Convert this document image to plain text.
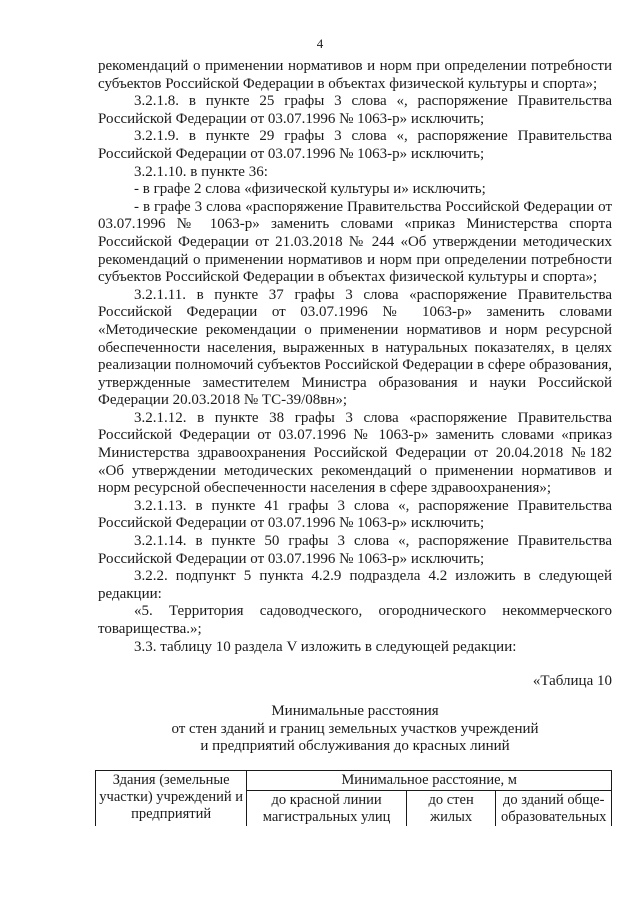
4

рекомендаций о применении нормативов и норм при определении потребности субъектов Российской Федерации в объектах физической культуры и спорта»;

3.2.1.8. в пункте 25 графы 3 слова «, распоряжение Правительства Российской Федерации от 03.07.1996 № 1063-р» исключить;

3.2.1.9. в пункте 29 графы 3 слова «, распоряжение Правительства Российской Федерации от 03.07.1996 № 1063-р» исключить;

3.2.1.10. в пункте 36:

- в графе 2 слова «физической культуры и» исключить;

- в графе 3 слова «распоряжение Правительства Российской Федерации от 03.07.1996 № 1063-р» заменить словами «приказ Министерства спорта Российской Федерации от 21.03.2018 № 244 «Об утверждении методических рекомендаций о применении нормативов и норм при определении потребности субъектов Российской Федерации в объектах физической культуры и спорта»;

3.2.1.11. в пункте 37 графы 3 слова «распоряжение Правительства Российской Федерации от 03.07.1996 № 1063-р» заменить словами «Методические рекомендации о применении нормативов и норм ресурсной обеспеченности населения, выраженных в натуральных показателях, в целях реализации полномочий субъектов Российской Федерации в сфере образования, утвержденные заместителем Министра образования и науки Российской Федерации 20.03.2018 № ТС-39/08вн»;

3.2.1.12. в пункте 38 графы 3 слова «распоряжение Правительства Российской Федерации от 03.07.1996 № 1063-р» заменить словами «приказ Министерства здравоохранения Российской Федерации от 20.04.2018 №182 «Об утверждении методических рекомендаций о применении нормативов и норм ресурсной обеспеченности населения в сфере здравоохранения»;

3.2.1.13. в пункте 41 графы 3 слова «, распоряжение Правительства Российской Федерации от 03.07.1996 № 1063-р» исключить;

3.2.1.14. в пункте 50 графы 3 слова «, распоряжение Правительства Российской Федерации от 03.07.1996 № 1063-р» исключить;

3.2.2. подпункт 5 пункта 4.2.9 подраздела 4.2 изложить в следующей редакции:

«5. Территория садоводческого, огороднического некоммерческого товарищества.»;

3.3. таблицу 10 раздела V изложить в следующей редакции:

«Таблица 10

Минимальные расстояния
от стен зданий и границ земельных участков учреждений
и предприятий обслуживания до красных линий
Здания (земельные участки) учреждений и предприятий	Минимальное расстояние, м		
	до красной линии магистральных улиц	до стен жилых	до зданий обще-образовательных
